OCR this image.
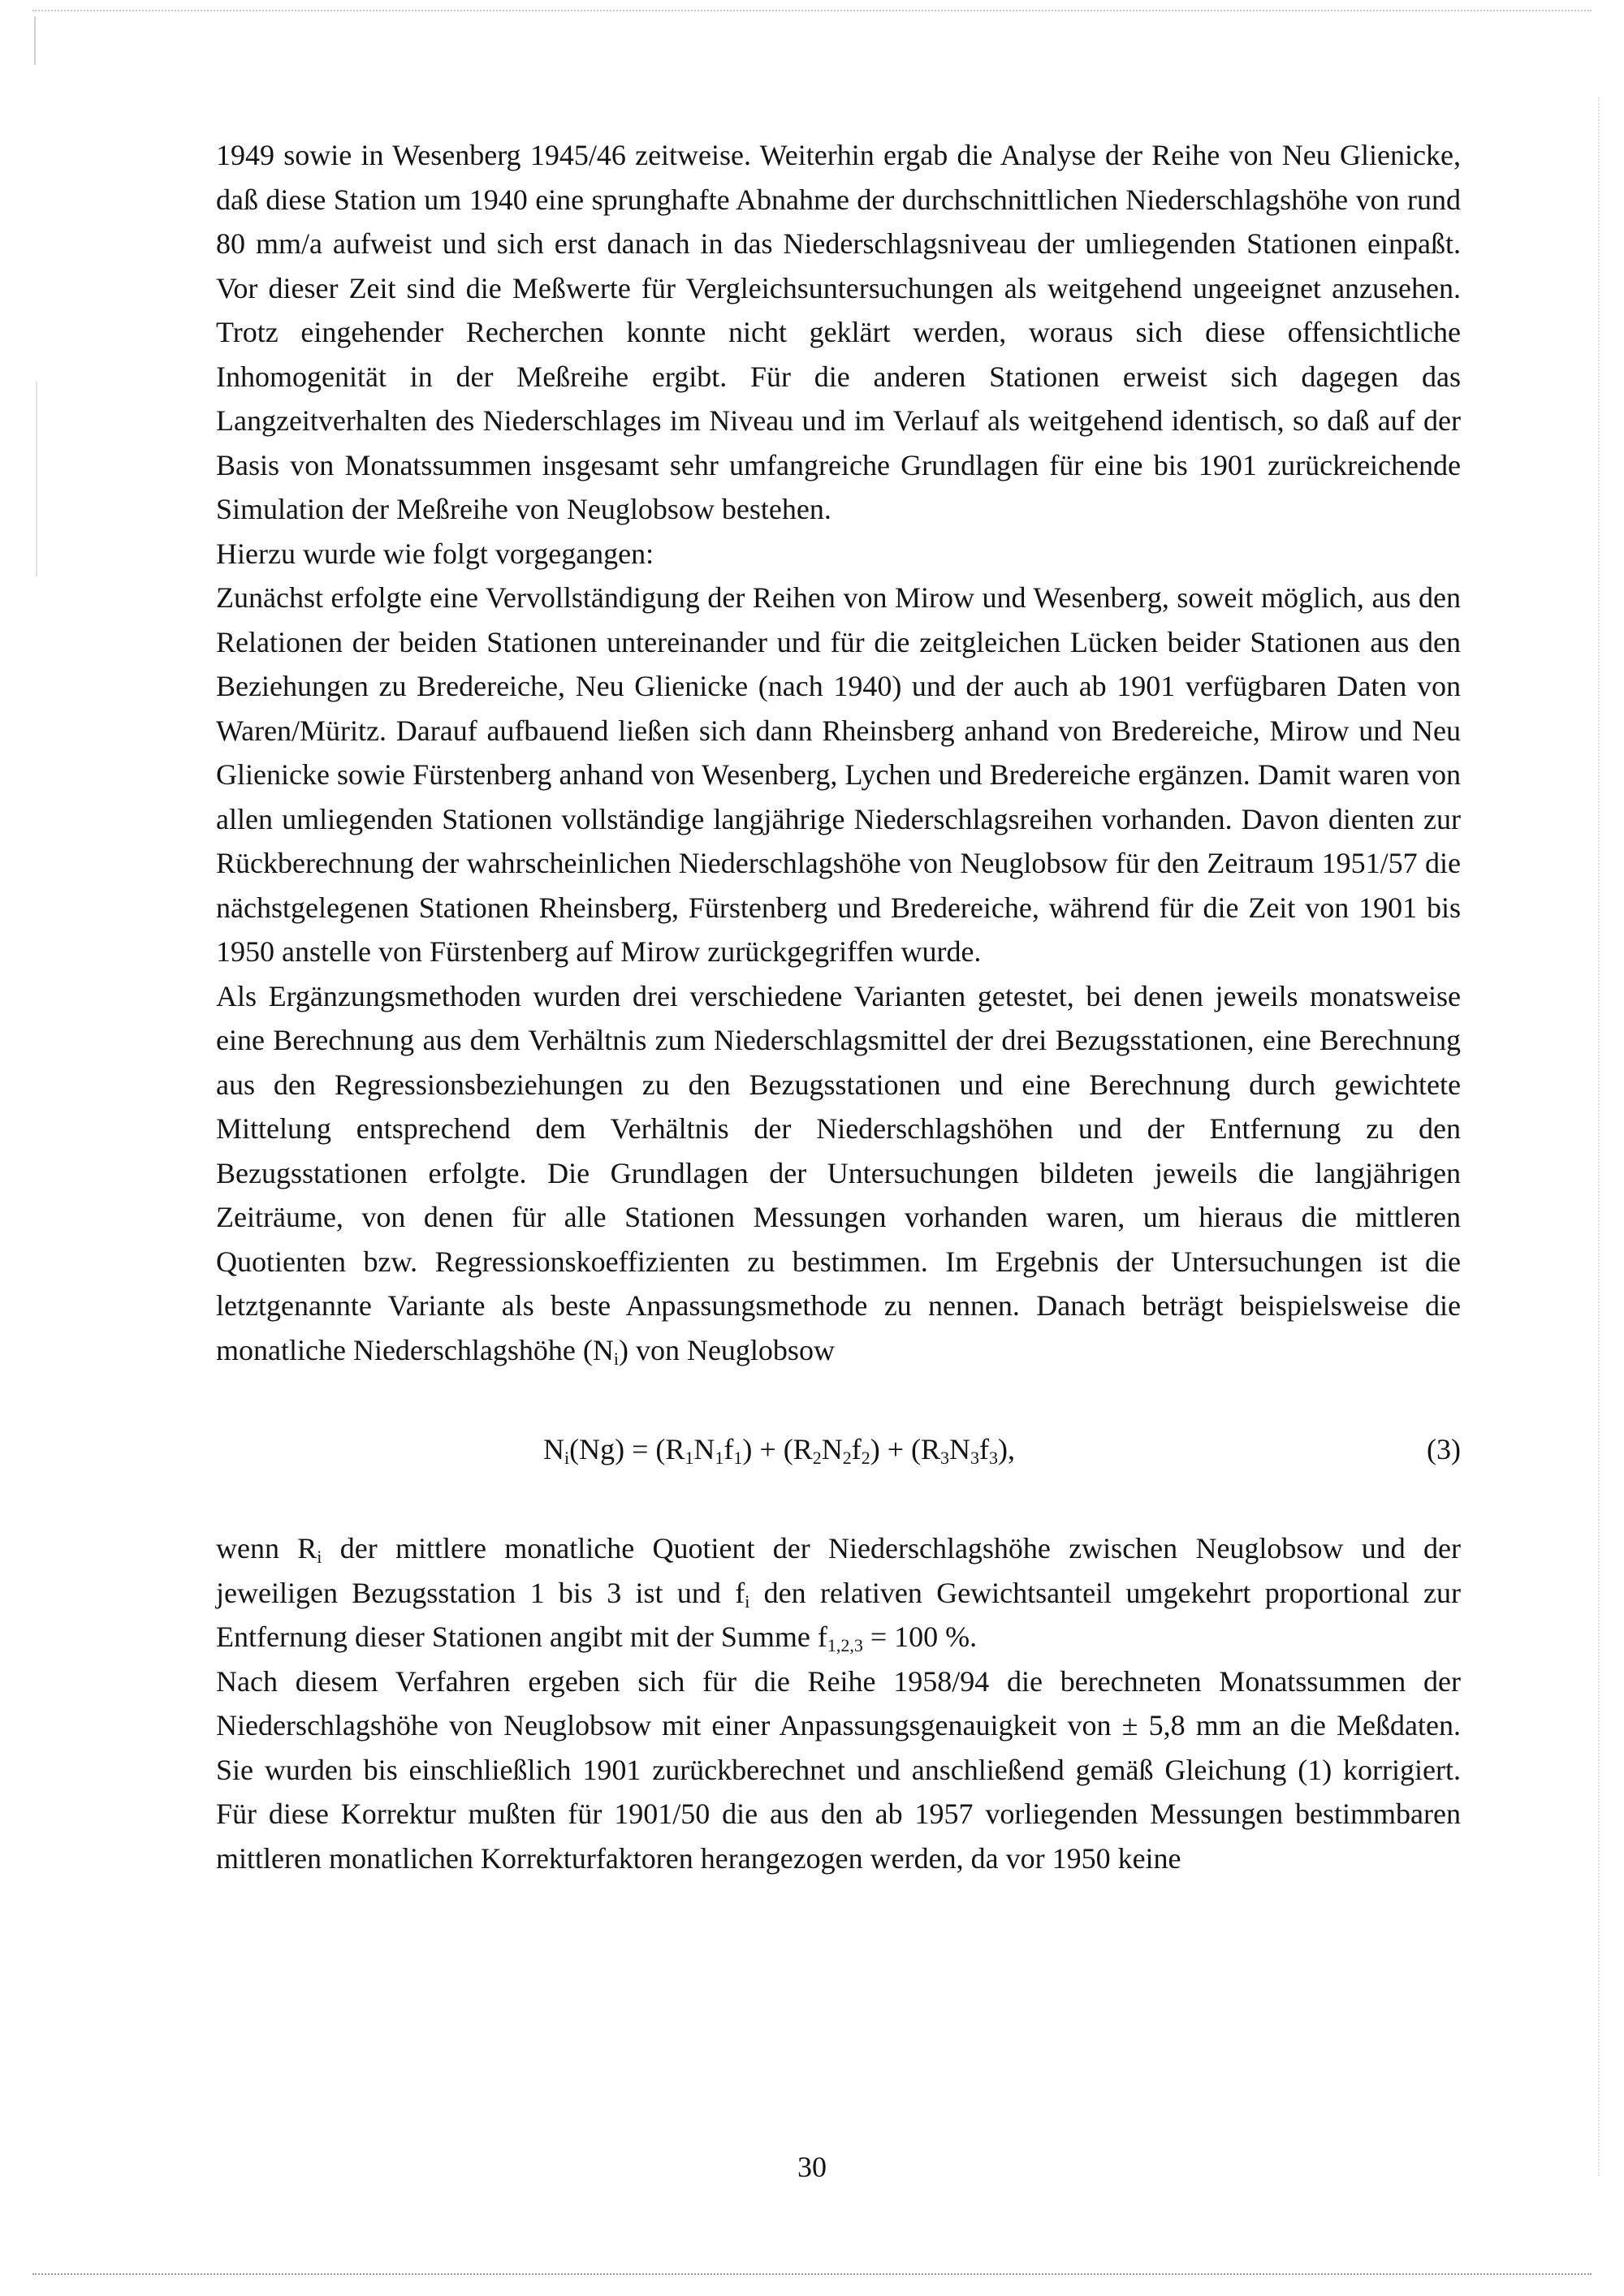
1949 sowie in Wesenberg 1945/46 zeitweise. Weiterhin ergab die Analyse der Reihe von Neu Glienicke, daß diese Station um 1940 eine sprunghafte Abnahme der durchschnittlichen Niederschlagshöhe von rund 80 mm/a aufweist und sich erst danach in das Niederschlagsniveau der umliegenden Stationen einpaßt. Vor dieser Zeit sind die Meßwerte für Vergleichsuntersuchungen als weitgehend ungeeignet anzusehen. Trotz eingehender Recherchen konnte nicht geklärt werden, woraus sich diese offensichtliche Inhomogenität in der Meßreihe ergibt. Für die anderen Stationen erweist sich dagegen das Langzeitverhalten des Niederschlages im Niveau und im Verlauf als weitgehend identisch, so daß auf der Basis von Monatssummen insgesamt sehr umfangreiche Grundlagen für eine bis 1901 zurückreichende Simulation der Meßreihe von Neuglobsow bestehen.

Hierzu wurde wie folgt vorgegangen:

Zunächst erfolgte eine Vervollständigung der Reihen von Mirow und Wesenberg, soweit möglich, aus den Relationen der beiden Stationen untereinander und für die zeitgleichen Lücken beider Stationen aus den Beziehungen zu Bredereiche, Neu Glienicke (nach 1940) und der auch ab 1901 verfügbaren Daten von Waren/Müritz. Darauf aufbauend ließen sich dann Rheinsberg anhand von Bredereiche, Mirow und Neu Glienicke sowie Fürstenberg anhand von Wesenberg, Lychen und Bredereiche ergänzen. Damit waren von allen umliegenden Stationen vollständige langjährige Niederschlagsreihen vorhanden. Davon dienten zur Rückberechnung der wahrscheinlichen Niederschlagshöhe von Neuglobsow für den Zeitraum 1951/57 die nächstgelegenen Stationen Rheinsberg, Fürstenberg und Bredereiche, während für die Zeit von 1901 bis 1950 anstelle von Fürstenberg auf Mirow zurückgegriffen wurde.

Als Ergänzungsmethoden wurden drei verschiedene Varianten getestet, bei denen jeweils monatsweise eine Berechnung aus dem Verhältnis zum Niederschlagsmittel der drei Bezugsstationen, eine Berechnung aus den Regressionsbeziehungen zu den Bezugsstationen und eine Berechnung durch gewichtete Mittelung entsprechend dem Verhältnis der Niederschlagshöhen und der Entfernung zu den Bezugsstationen erfolgte. Die Grundlagen der Untersuchungen bildeten jeweils die langjährigen Zeiträume, von denen für alle Stationen Messungen vorhanden waren, um hieraus die mittleren Quotienten bzw. Regressionskoeffizienten zu bestimmen. Im Ergebnis der Untersuchungen ist die letztgenannte Variante als beste Anpassungsmethode zu nennen. Danach beträgt beispielsweise die monatliche Niederschlagshöhe $(N_i)$ von Neuglobsow

$N_i(Ng) = (R_1N_1f_1) + (R_2N_2f_2) + (R_3N_3f_3)$,	(3)

wenn $R_i$ der mittlere monatliche Quotient der Niederschlagshöhe zwischen Neuglobsow und der jeweiligen Bezugsstation 1 bis 3 ist und $f_i$ den relativen Gewichtsanteil umgekehrt proportional zur Entfernung dieser Stationen angibt mit der Summe $f_{1,2,3} = 100$ %.

Nach diesem Verfahren ergeben sich für die Reihe 1958/94 die berechneten Monatssummen der Niederschlagshöhe von Neuglobsow mit einer Anpassungsgenauigkeit von ± 5,8 mm an die Meßdaten. Sie wurden bis einschließlich 1901 zurückberechnet und anschließend gemäß Gleichung (1) korrigiert. Für diese Korrektur mußten für 1901/50 die aus den ab 1957 vorliegenden Messungen bestimmbaren mittleren monatlichen Korrekturfaktoren herangezogen werden, da vor 1950 keine

30
